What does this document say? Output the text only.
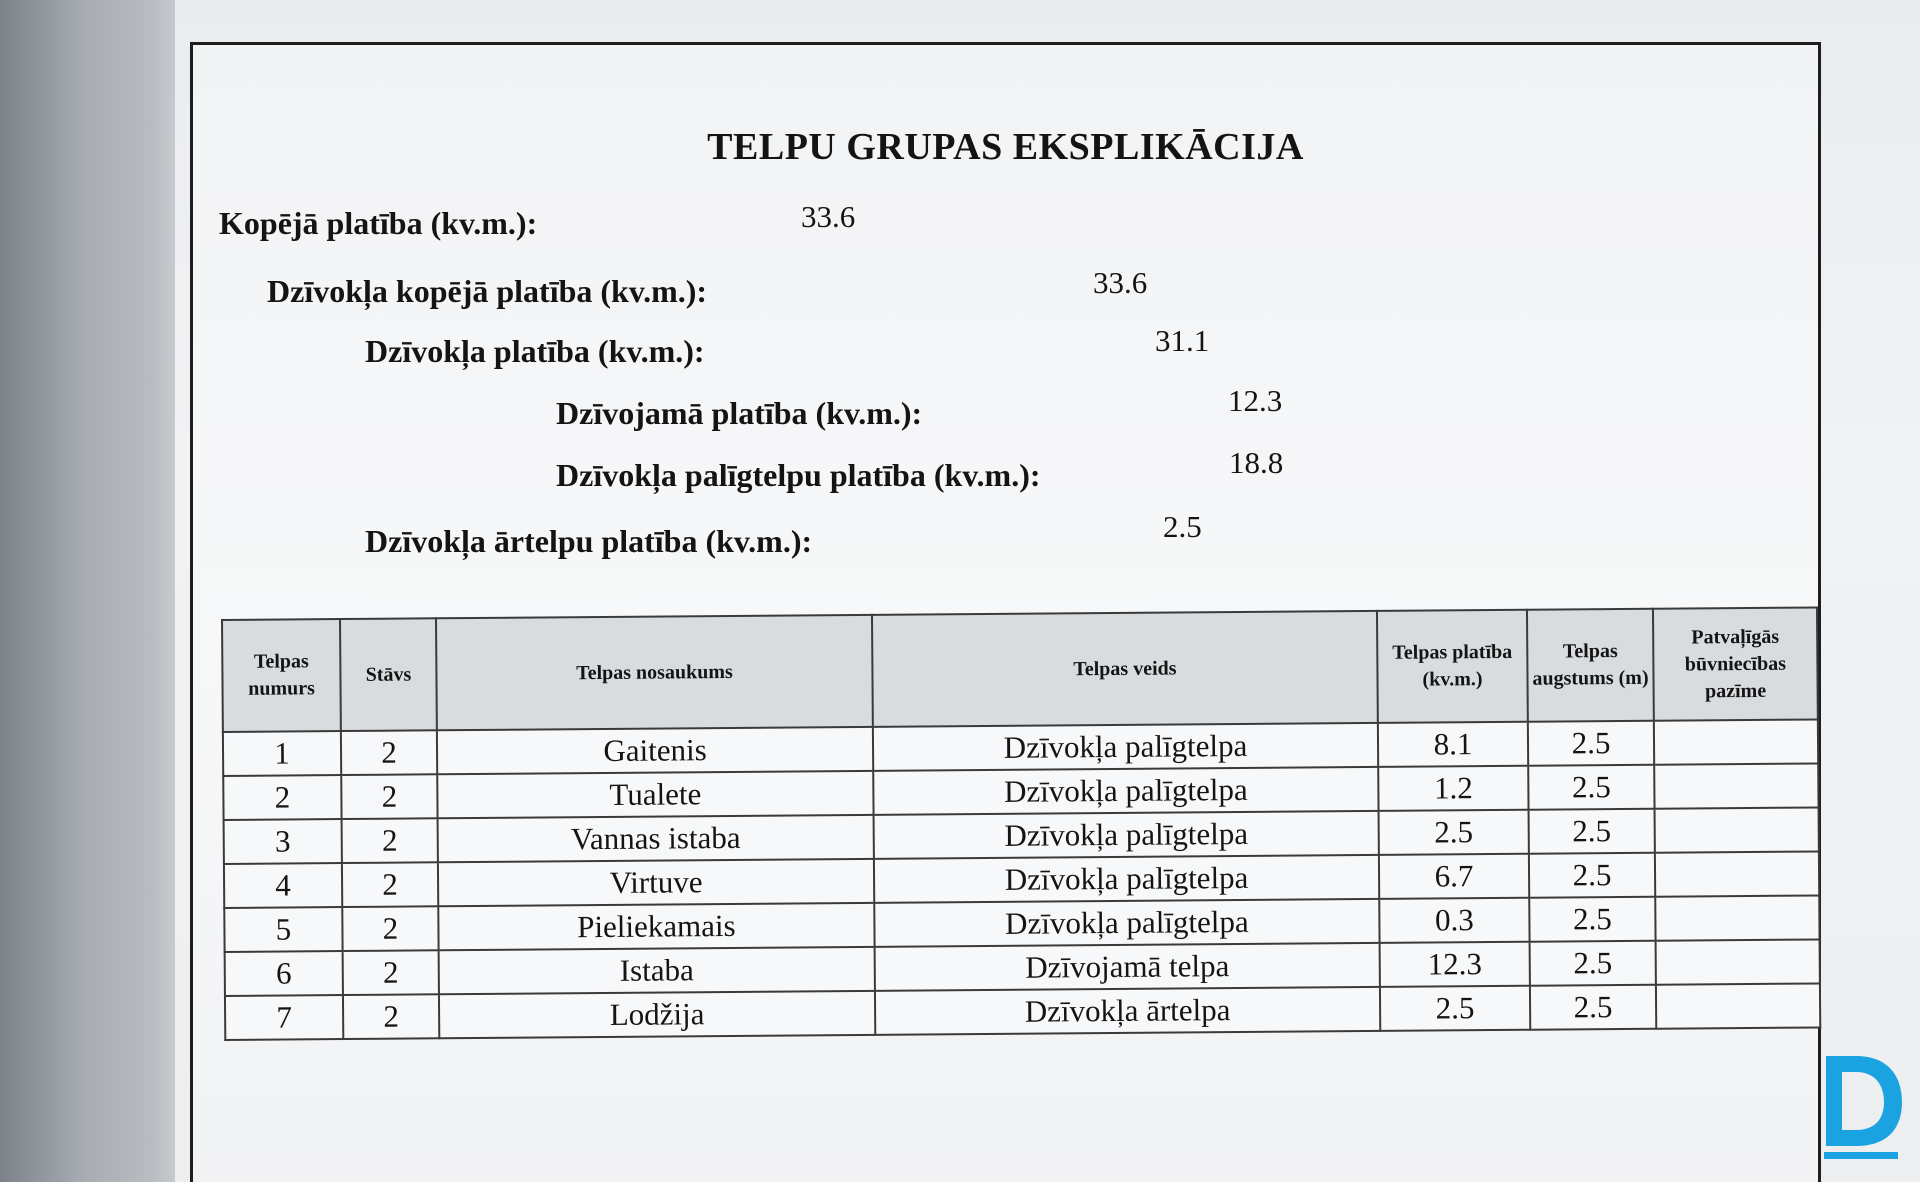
TELPU GRUPAS EKSPLIKĀCIJA
Kopējā platība (kv.m.):	33.6
Dzīvokļa kopējā platība (kv.m.):	33.6
Dzīvokļa platība (kv.m.):	31.1
Dzīvojamā platība (kv.m.):	12.3
Dzīvokļa palīgtelpu platība (kv.m.):	18.8
Dzīvokļa ārtelpu platība (kv.m.):	2.5
Telpas numurs	Stāvs	Telpas nosaukums	Telpas veids	Telpas platība (kv.m.)	Telpas augstums (m)	Patvaļīgās būvniecības pazīme
1	2	Gaitenis	Dzīvokļa palīgtelpa	8.1	2.5	
2	2	Tualete	Dzīvokļa palīgtelpa	1.2	2.5	
3	2	Vannas istaba	Dzīvokļa palīgtelpa	2.5	2.5	
4	2	Virtuve	Dzīvokļa palīgtelpa	6.7	2.5	
5	2	Pieliekamais	Dzīvokļa palīgtelpa	0.3	2.5	
6	2	Istaba	Dzīvojamā telpa	12.3	2.5	
7	2	Lodžija	Dzīvokļa ārtelpa	2.5	2.5	
